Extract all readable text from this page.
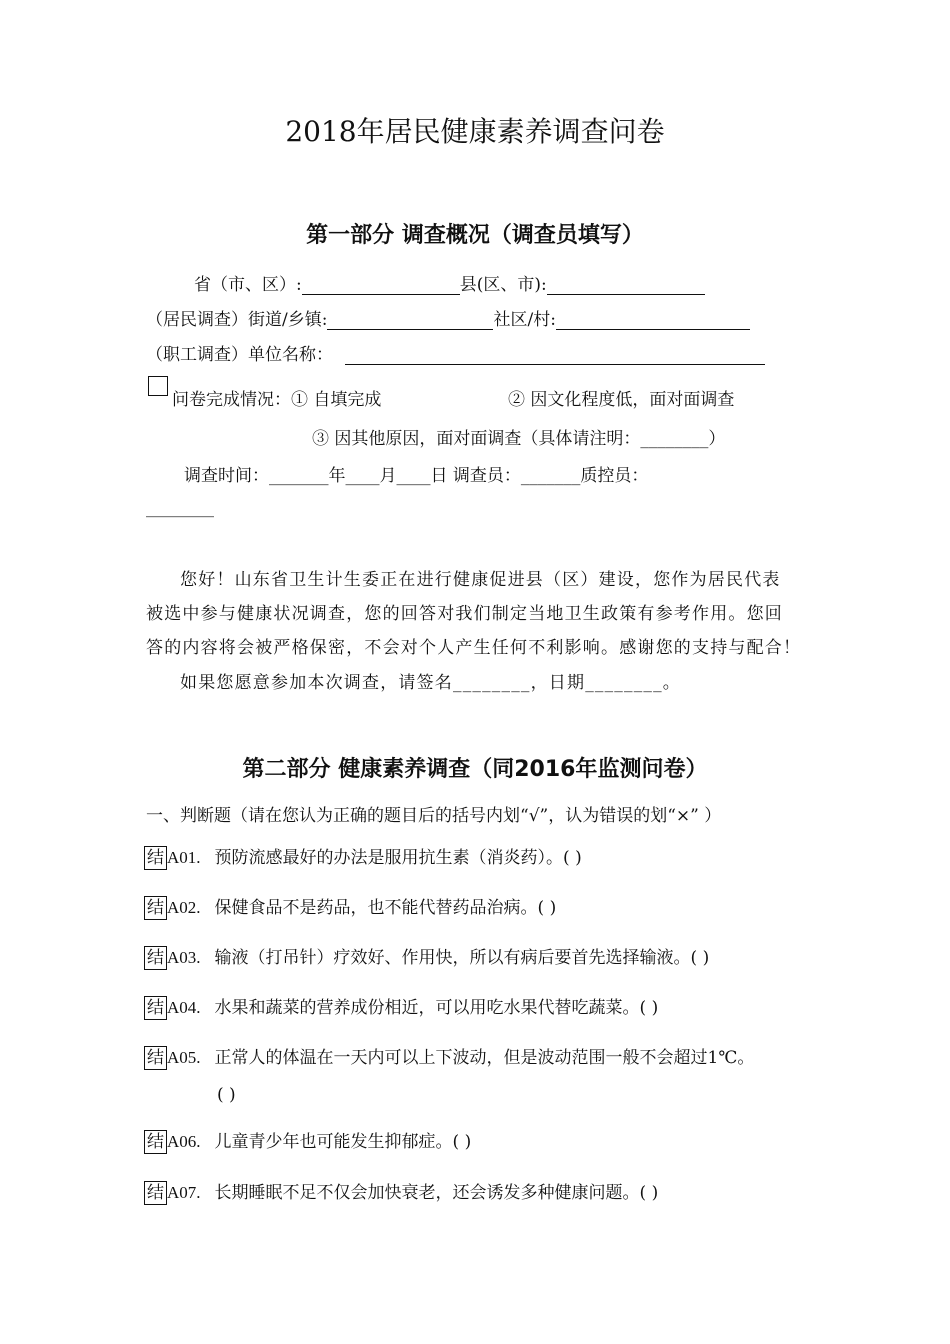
2018年居民健康素养调查问卷
第一部分 调查概况（调查员填写）
省（市、区）:	县(区、市):
（居民调查）街道/乡镇:	社区/村:
（职工调查）单位名称：
问卷完成情况：① 自填完成	② 因文化程度低，面对面调查
③ 因其他原因，面对面调查（具体请注明：________）
调查时间：_______年____月____日 调查员：_______质控员：
________
您好！山东省卫生计生委正在进行健康促进县（区）建设，您作为居民代表
被选中参与健康状况调查，您的回答对我们制定当地卫生政策有参考作用。您回
答的内容将会被严格保密，不会对个人产生任何不利影响。感谢您的支持与配合！
如果您愿意参加本次调查，请签名________，日期________。
第二部分 健康素养调查（同2016年监测问卷）
一、判断题（请在您认为正确的题目后的括号内划“√”，认为错误的划“×” ）
结 A01. 预防流感最好的办法是服用抗生素（消炎药）。( )
结 A02. 保健食品不是药品，也不能代替药品治病。( )
结 A03. 输液（打吊针）疗效好、作用快，所以有病后要首先选择输液。( )
结 A04. 水果和蔬菜的营养成份相近，可以用吃水果代替吃蔬菜。( )
结 A05. 正常人的体温在一天内可以上下波动，但是波动范围一般不会超过1℃。
( )
结 A06. 儿童青少年也可能发生抑郁症。( )
结 A07. 长期睡眠不足不仅会加快衰老，还会诱发多种健康问题。( )
